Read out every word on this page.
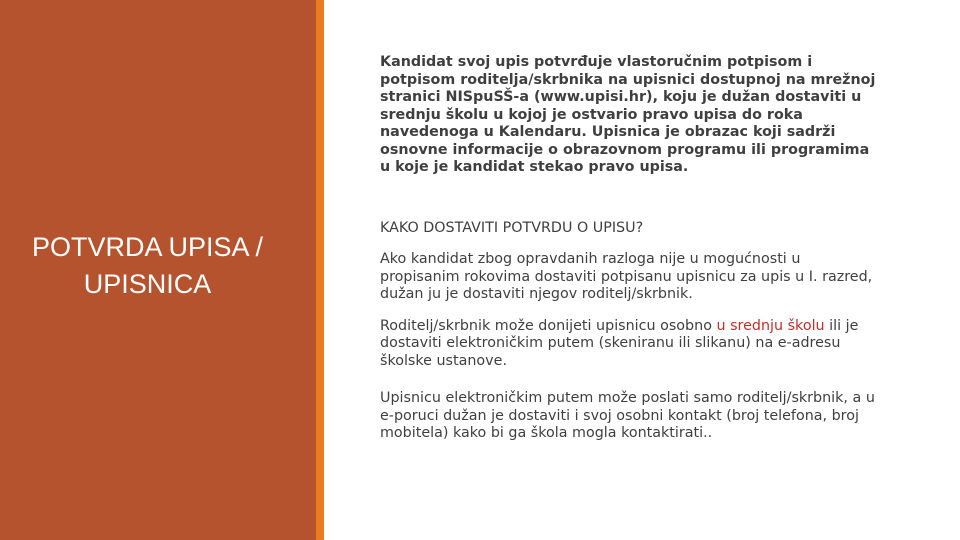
POTVRDA UPISA /
UPISNICA

Kandidat svoj upis potvrđuje vlastoručnim potpisom i potpisom roditelja/skrbnika na upisnici dostupnoj na mrežnoj stranici NISpuSŠ-a (www.upisi.hr), koju je dužan dostaviti u srednju školu u kojoj je ostvario pravo upisa do roka navedenoga u Kalendaru. Upisnica je obrazac koji sadrži osnovne informacije o obrazovnom programu ili programima u koje je kandidat stekao pravo upisa.

KAKO DOSTAVITI POTVRDU O UPISU?

Ako kandidat zbog opravdanih razloga nije u mogućnosti u propisanim rokovima dostaviti potpisanu upisnicu za upis u I. razred, dužan ju je dostaviti njegov roditelj/skrbnik.

Roditelj/skrbnik može donijeti upisnicu osobno u srednju školu ili je dostaviti elektroničkim putem (skeniranu ili slikanu) na e-adresu školske ustanove.

Upisnicu elektroničkim putem može poslati samo roditelj/skrbnik, a u e-poruci dužan je dostaviti i svoj osobni kontakt (broj telefona, broj mobitela) kako bi ga škola mogla kontaktirati..
